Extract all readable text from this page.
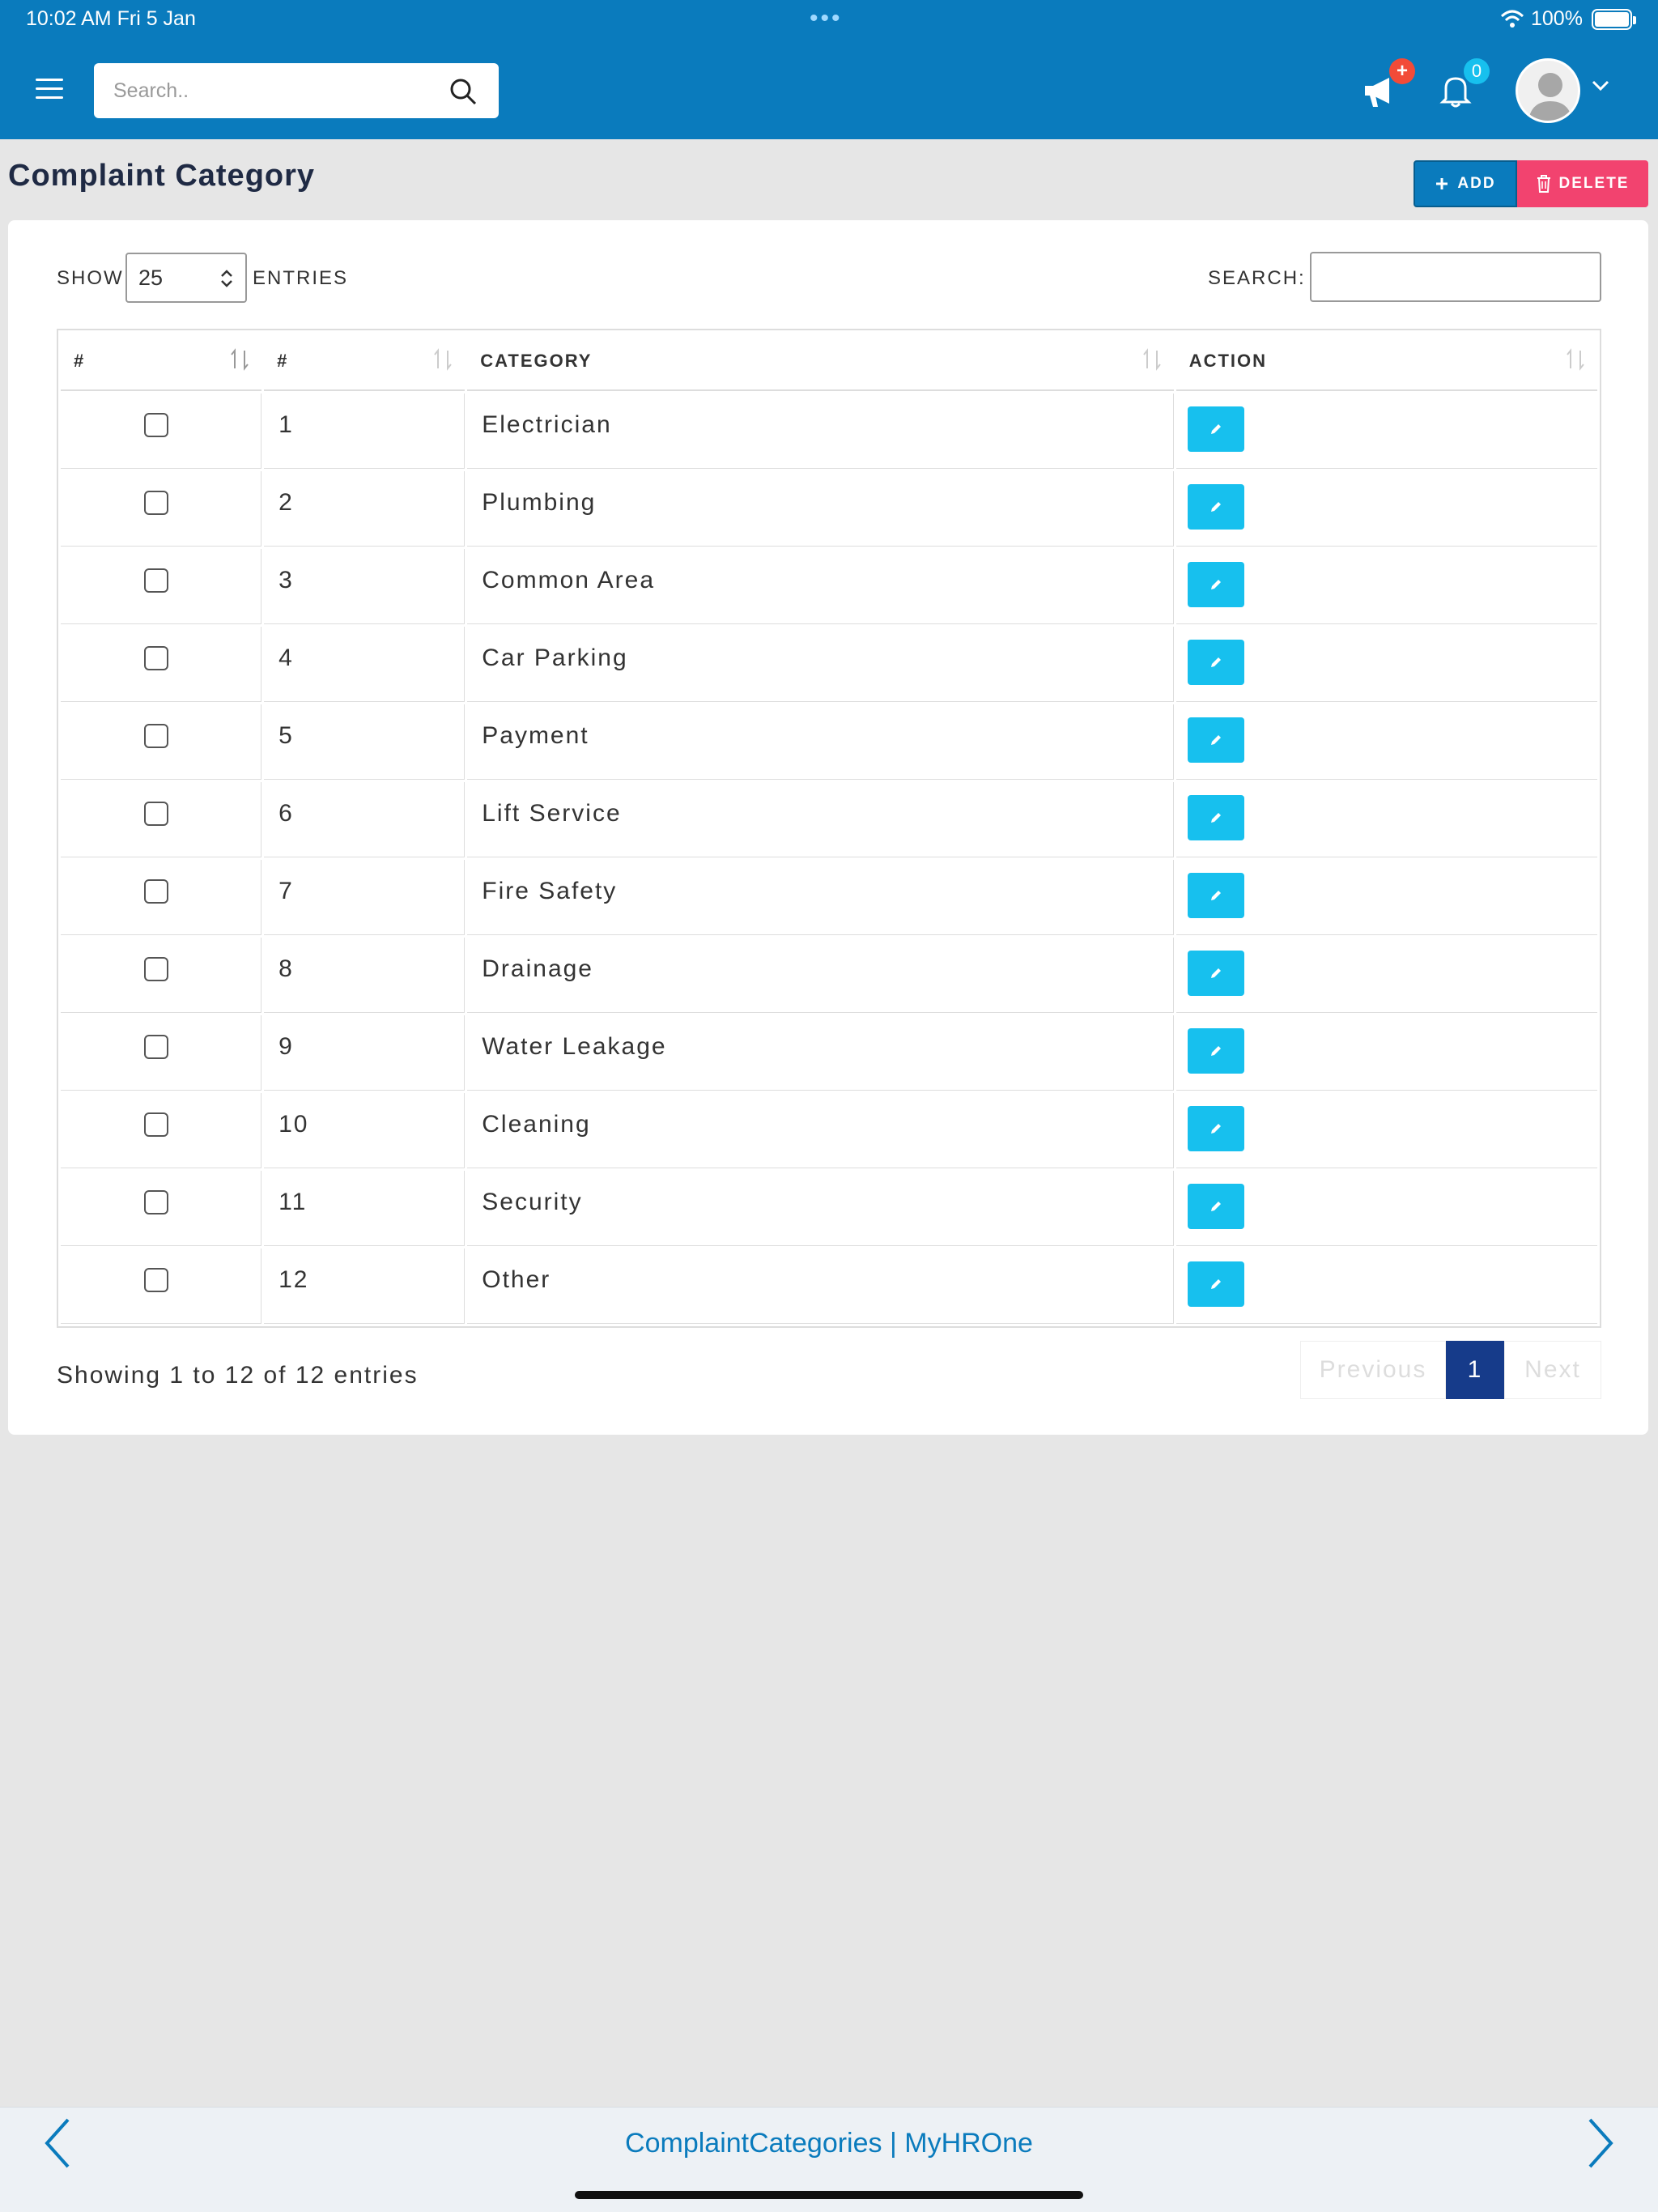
10:02 AM Fri 5 Jan	•••	100%
Search..
+	0
Complaint Category	ADD	DELETE
SHOW 25	ENTRIES	SEARCH:
#	#	CATEGORY	ACTION

	1	Electrician	

	2	Plumbing	

	3	Common Area	

	4	Car Parking	

	5	Payment	

	6	Lift Service	

	7	Fire Safety	

	8	Drainage	

	9	Water Leakage	

	10	Cleaning	

	11	Security	

	12	Other	
Showing 1 to 12 of 12 entries	Previous	1	Next
ComplaintCategories | MyHROne
